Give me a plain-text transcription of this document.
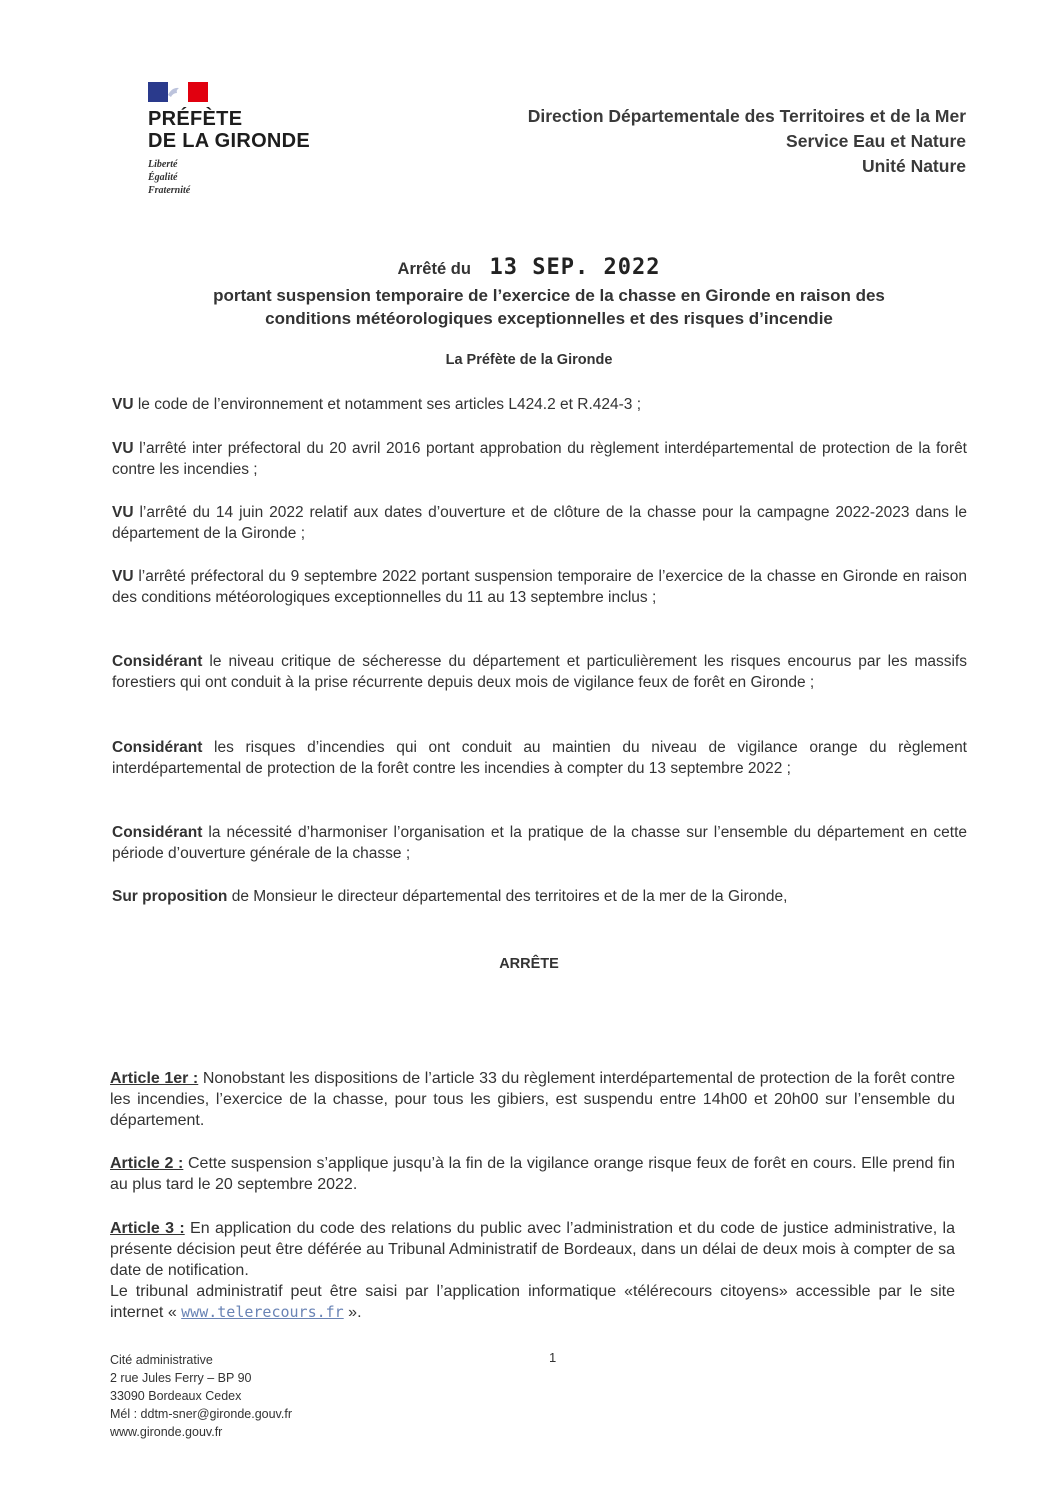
PRÉFÈTE
DE LA GIRONDE
Liberté
Égalité
Fraternité
Direction Départementale des Territoires et de la Mer
Service Eau et Nature
Unité Nature
Arrêté du 13 SEP. 2022
portant suspension temporaire de l’exercice de la chasse en Gironde en raison des
conditions météorologiques exceptionnelles et des risques d’incendie
La Préfète de la Gironde
VU le code de l’environnement et notamment ses articles L424.2 et R.424-3 ;
VU l’arrêté inter préfectoral du 20 avril 2016 portant approbation du règlement interdépartemental de protection de la forêt contre les incendies ;
VU l’arrêté du 14 juin 2022 relatif aux dates d’ouverture et de clôture de la chasse pour la campagne 2022-2023 dans le département de la Gironde ;
VU l’arrêté préfectoral du 9 septembre 2022 portant suspension temporaire de l’exercice de la chasse en Gironde en raison des conditions météorologiques exceptionnelles du 11 au 13 septembre inclus ;
Considérant le niveau critique de sécheresse du département et particulièrement les risques encourus par les massifs forestiers qui ont conduit à la prise récurrente depuis deux mois de vigilance feux de forêt en Gironde ;
Considérant les risques d’incendies qui ont conduit au maintien du niveau de vigilance orange du règlement interdépartemental de protection de la forêt contre les incendies à compter du 13 septembre 2022 ;
Considérant la nécessité d’harmoniser l’organisation et la pratique de la chasse sur l’ensemble du département en cette période d’ouverture générale de la chasse ;
Sur proposition de Monsieur le directeur départemental des territoires et de la mer de la Gironde,
ARRÊTE
Article 1er : Nonobstant les dispositions de l’article 33 du règlement interdépartemental de protection de la forêt contre les incendies, l’exercice de la chasse, pour tous les gibiers, est suspendu entre 14h00 et 20h00 sur l’ensemble du département.
Article 2 : Cette suspension s’applique jusqu’à la fin de la vigilance orange risque feux de forêt en cours. Elle prend fin au plus tard le 20 septembre 2022.
Article 3 : En application du code des relations du public avec l’administration et du code de justice administrative, la présente décision peut être déférée au Tribunal Administratif de Bordeaux, dans un délai de deux mois à compter de sa date de notification.
Le tribunal administratif peut être saisi par l’application informatique «télérecours citoyens» accessible par le site internet « www.telerecours.fr ».
Cité administrative
2 rue Jules Ferry – BP 90
33090 Bordeaux Cedex
Mél : ddtm-sner@gironde.gouv.fr
www.gironde.gouv.fr
1
